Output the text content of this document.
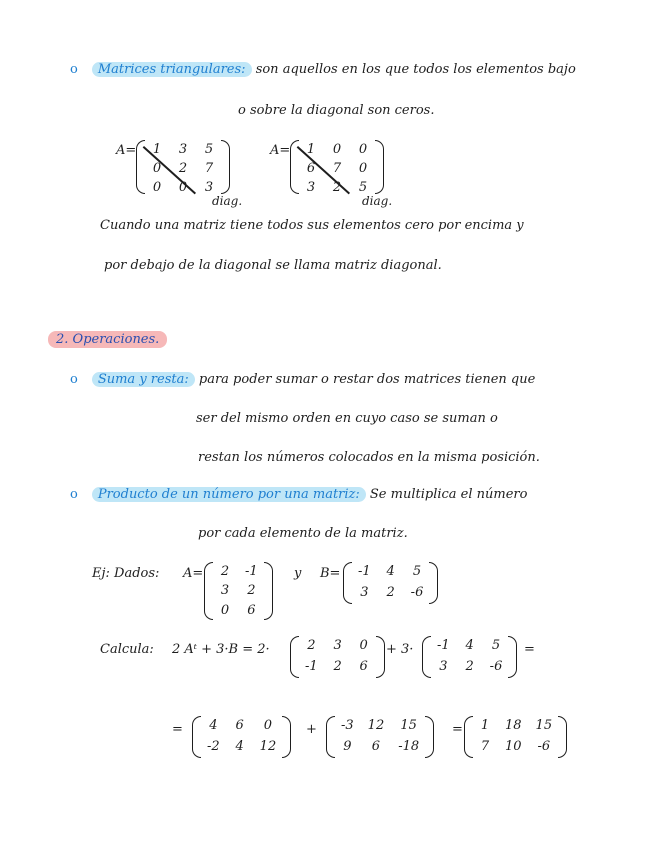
o Matrices triangulares: son aquellos en los que todos los elementos bajo
o sobre la diagonal son ceros.
A= 1 3 5
0 2 7
0 0 3
diag.
A= 1 0 0
6 7 0
3 2 5
diag.
Cuando una matriz tiene todos sus elementos cero por encima y
por debajo de la diagonal se llama matriz diagonal.
2. Operaciones.
o Suma y resta: para poder sumar o restar dos matrices tienen que
ser del mismo orden en cuyo caso se suman o
restan los números colocados en la misma posición.
o Producto de un número por una matriz: Se multiplica el número
por cada elemento de la matriz.
Ej: Dados: A= 2 -1
3 2
0 6
y B= -1 4 5
3 2 -6
Calcula: 2 Aᵗ + 3·B = 2·	2 3 0
-1 2 6
+ 3· -1 4 5
3 2 -6
=
= 4 6	0
-2 4 12
+ -3 12 15
9	6	-18
= 1 18 15
7 10 -6
